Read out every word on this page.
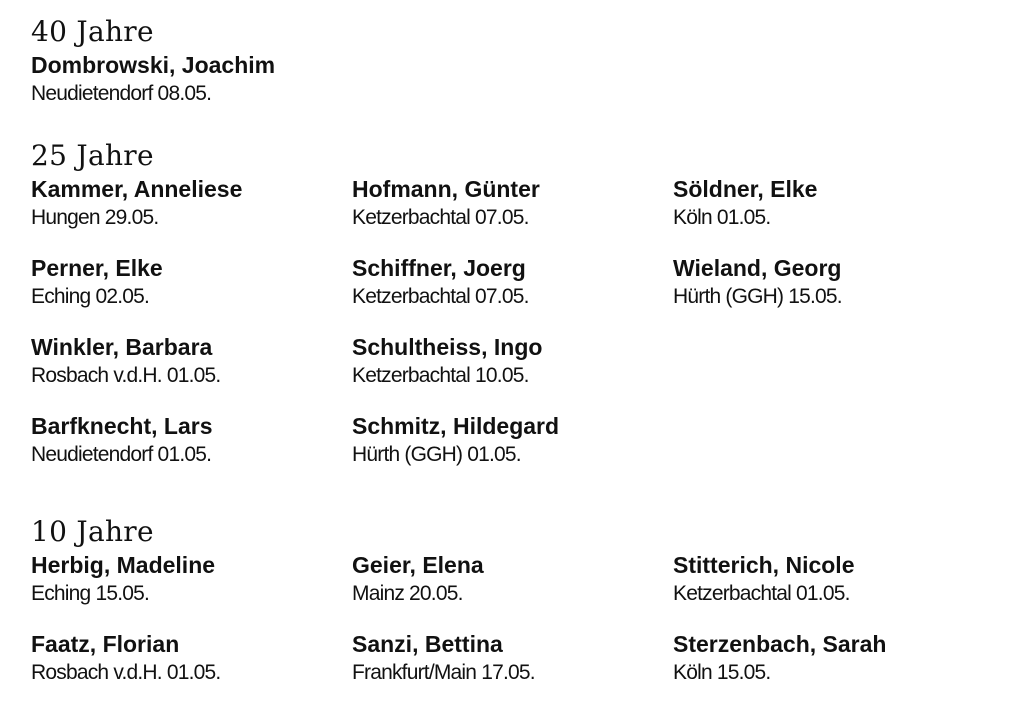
40 Jahre

Dombrowski, Joachim

Neudietendorf 08.05.

25 Jahre

Kammer, Anneliese

Hungen 29.05.

Perner, Elke

Eching 02.05.

Winkler, Barbara

Rosbach v.d.H. 01.05.

Barfknecht, Lars

Neudietendorf 01.05.

Hofmann, Günter

Ketzerbachtal 07.05.

Schiffner, Joerg

Ketzerbachtal 07.05.

Schultheiss, Ingo

Ketzerbachtal 10.05.

Schmitz, Hildegard

Hürth (GGH) 01.05.

Söldner, Elke

Köln 01.05.

Wieland, Georg

Hürth (GGH) 15.05.

10 Jahre

Herbig, Madeline

Eching 15.05.

Faatz, Florian

Rosbach v.d.H. 01.05.

Geier, Elena

Mainz 20.05.

Sanzi, Bettina

Frankfurt/Main 17.05.

Stitterich, Nicole

Ketzerbachtal 01.05.

Sterzenbach, Sarah

Köln 15.05.
